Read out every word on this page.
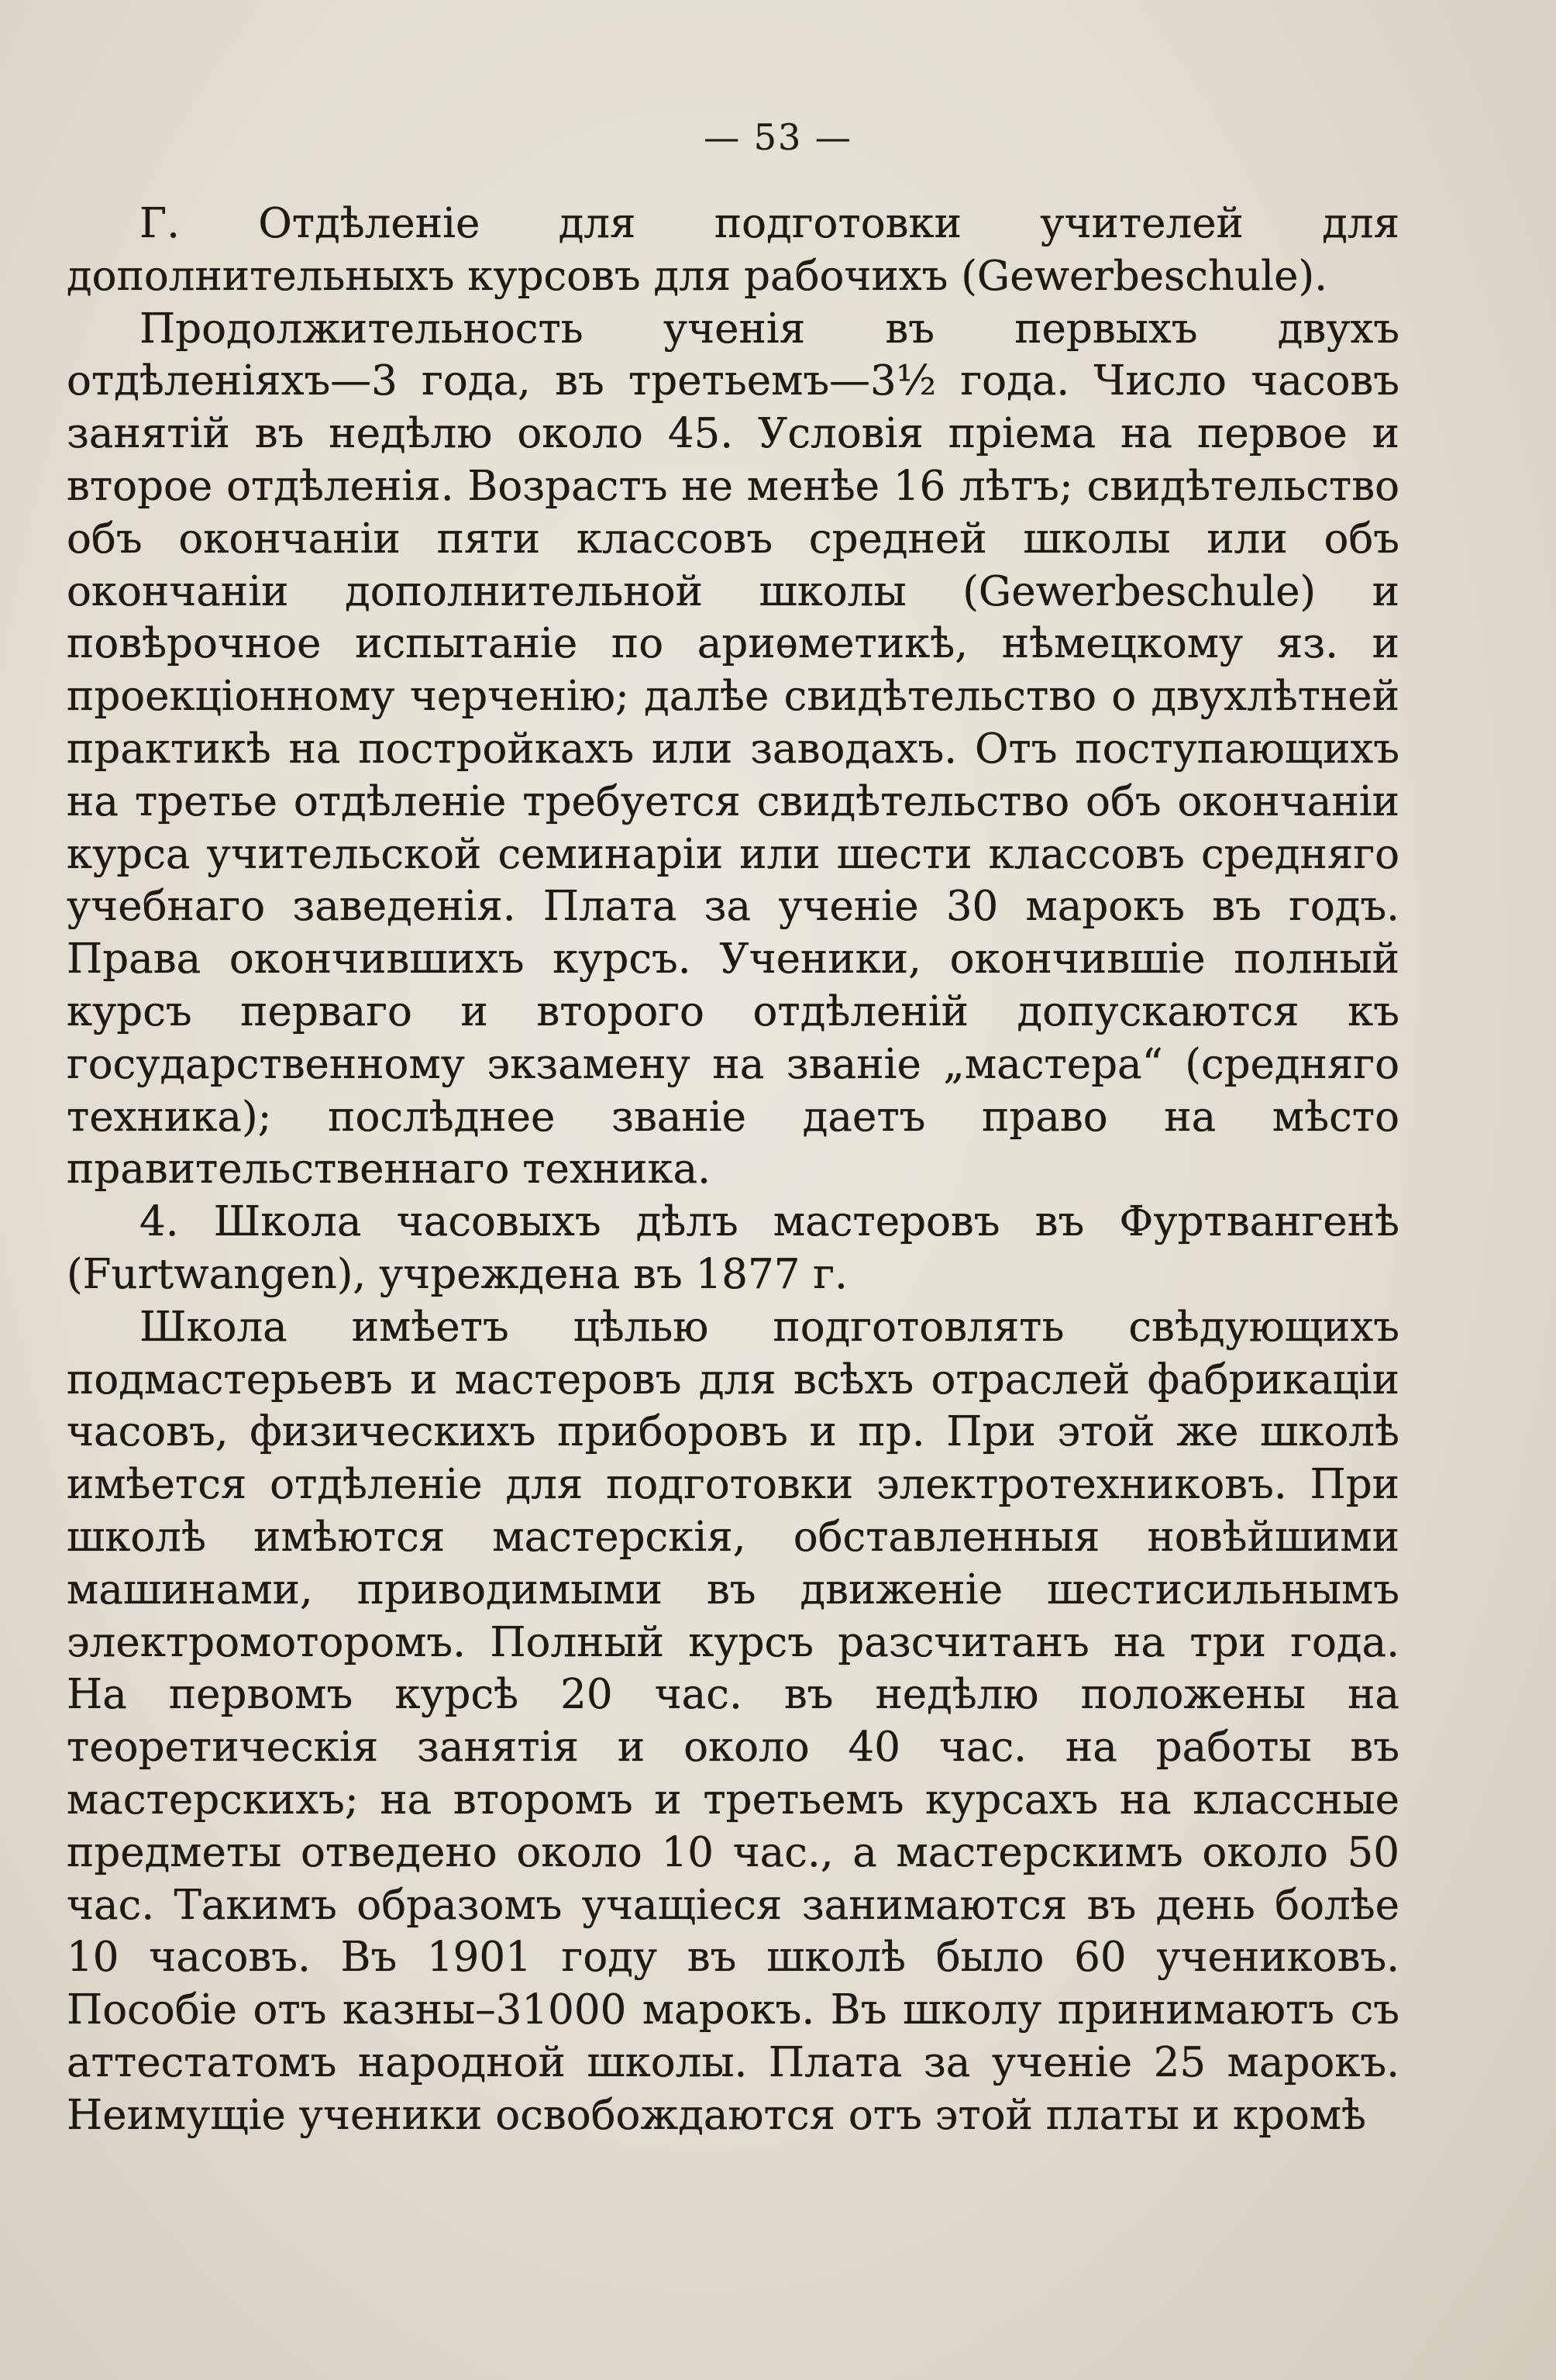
— 53 —

Г. Отдѣленіе для подготовки учителей для дополнительныхъ курсовъ для рабочихъ (Gewerbeschule).

Продолжительность ученія въ первыхъ двухъ отдѣленіяхъ—3 года, въ третьемъ—3½ года. Число часовъ занятій въ недѣлю около 45. Условія пріема на первое и второе отдѣленія. Возрастъ не менѣе 16 лѣтъ; свидѣтельство объ окончаніи пяти классовъ средней школы или объ окончаніи дополнительной школы (Gewerbeschule) и повѣрочное испытаніе по ариѳметикѣ, нѣмецкому яз. и проекціонному черченію; далѣе свидѣтельство о двухлѣтней практикѣ на постройкахъ или заводахъ. Отъ поступающихъ на третье отдѣленіе требуется свидѣтельство объ окончаніи курса учительской семинаріи или шести классовъ средняго учебнаго заведенія. Плата за ученіе 30 марокъ въ годъ. Права окончившихъ курсъ. Ученики, окончившіе полный курсъ перваго и второго отдѣленій допускаются къ государственному экзамену на званіе „мастера“ (средняго техника); послѣднее званіе даетъ право на мѣсто правительственнаго техника.

4. Школа часовыхъ дѣлъ мастеровъ въ Фуртвангенѣ (Furtwangen), учреждена въ 1877 г.

Школа имѣетъ цѣлью подготовлять свѣдующихъ подмастерьевъ и мастеровъ для всѣхъ отраслей фабрикаціи часовъ, физическихъ приборовъ и пр. При этой же школѣ имѣется отдѣленіе для подготовки электротехниковъ. При школѣ имѣются мастерскія, обставленныя новѣйшими машинами, приводимыми въ движеніе шестисильнымъ электромоторомъ. Полный курсъ разсчитанъ на три года. На первомъ курсѣ 20 час. въ недѣлю положены на теоретическія занятія и около 40 час. на работы въ мастерскихъ; на второмъ и третьемъ курсахъ на классные предметы отведено около 10 час., а мастерскимъ около 50 час. Такимъ образомъ учащіеся занимаются въ день болѣе 10 часовъ. Въ 1901 году въ школѣ было 60 учениковъ. Пособіе отъ казны–31000 марокъ. Въ школу принимаютъ съ аттестатомъ народной школы. Плата за ученіе 25 марокъ. Неимущіе ученики освобождаются отъ этой платы и кромѣ
